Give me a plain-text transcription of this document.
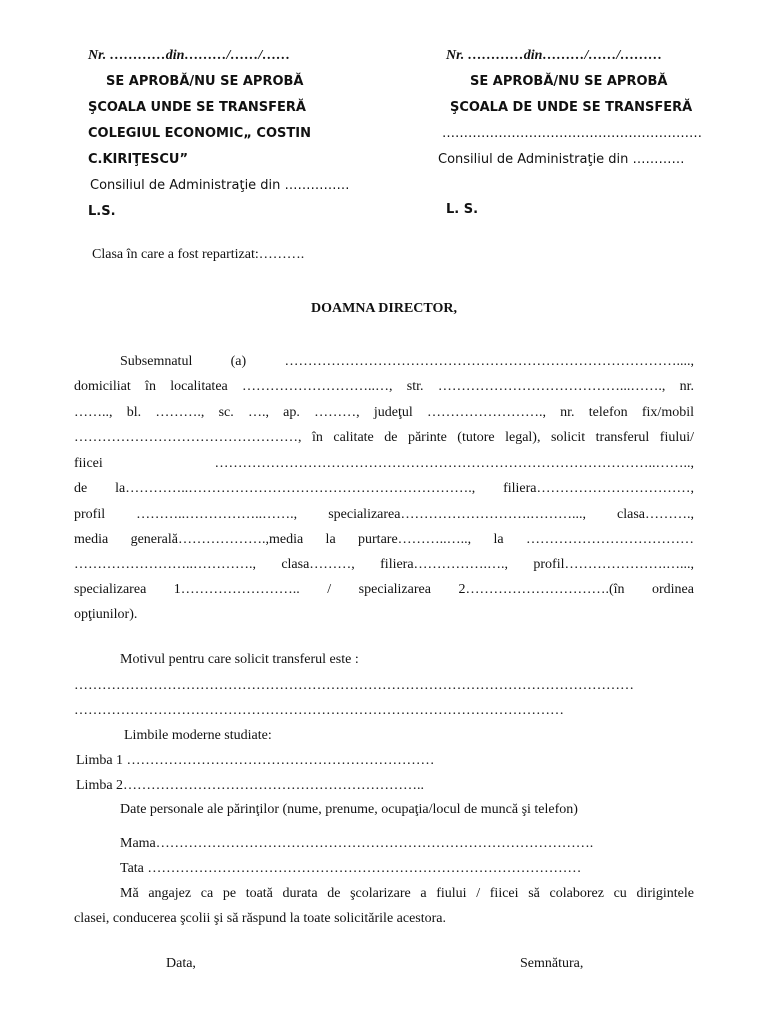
Nr. …………din………/……/……
SE APROBĂ/NU SE APROBĂ
ŞCOALA UNDE SE TRANSFERĂ
COLEGIUL ECONOMIC„ COSTIN
C.KIRIŢESCU”
Consiliul de Administraţie din ……………
L.S.
Nr. …………din………/……/………
SE APROBĂ/NU SE APROBĂ
ŞCOALA DE UNDE SE TRANSFERĂ
……………………………………………………
Consiliul de Administraţie din …………
L. S.
Clasa în care a fost repartizat:……….
DOAMNA DIRECTOR,
Subsemnatul (a) …………………………………………………………………………....,
domiciliat în localitatea ………………………..…, str. …………………………………...……., nr.
…….., bl. ………., sc. …., ap. ………, judeţul ……………………., nr. telefon fix/mobil
…………………………………………, în calitate de părinte (tutore legal), solicit transferul fiului/
fiicei …………………………………………………………………………………..……..,
de la…………..……………………………………………………., filiera……………………………,
profil ………..……………..……., specializarea……………………….………..., clasa……….,
media generală……………….,media la purtare………..….., la ………………………………
……………………..…………., clasa………, filiera…………….…., profil………………….…...,
specializarea 1…………………….. / specializarea 2………………………….(în ordinea
opţiunilor).
Motivul pentru care solicit transferul este :
…………………………………………………………………………………………………………
……………………………………………………………………………………………
Limbile moderne studiate:
Limba 1 …………………………………………………………
Limba 2………………………………………………………..
Date personale ale părinţilor (nume, prenume, ocupaţia/locul de muncă şi telefon)
Mama………………………………………………………………………………….
Tata …………………………………………………………………………………
Mă angajez ca pe toată durata de şcolarizare a fiului / fiicei să colaborez cu dirigintele
clasei, conducerea şcolii şi să răspund la toate solicitările acestora.
Data,	Semnătura,
